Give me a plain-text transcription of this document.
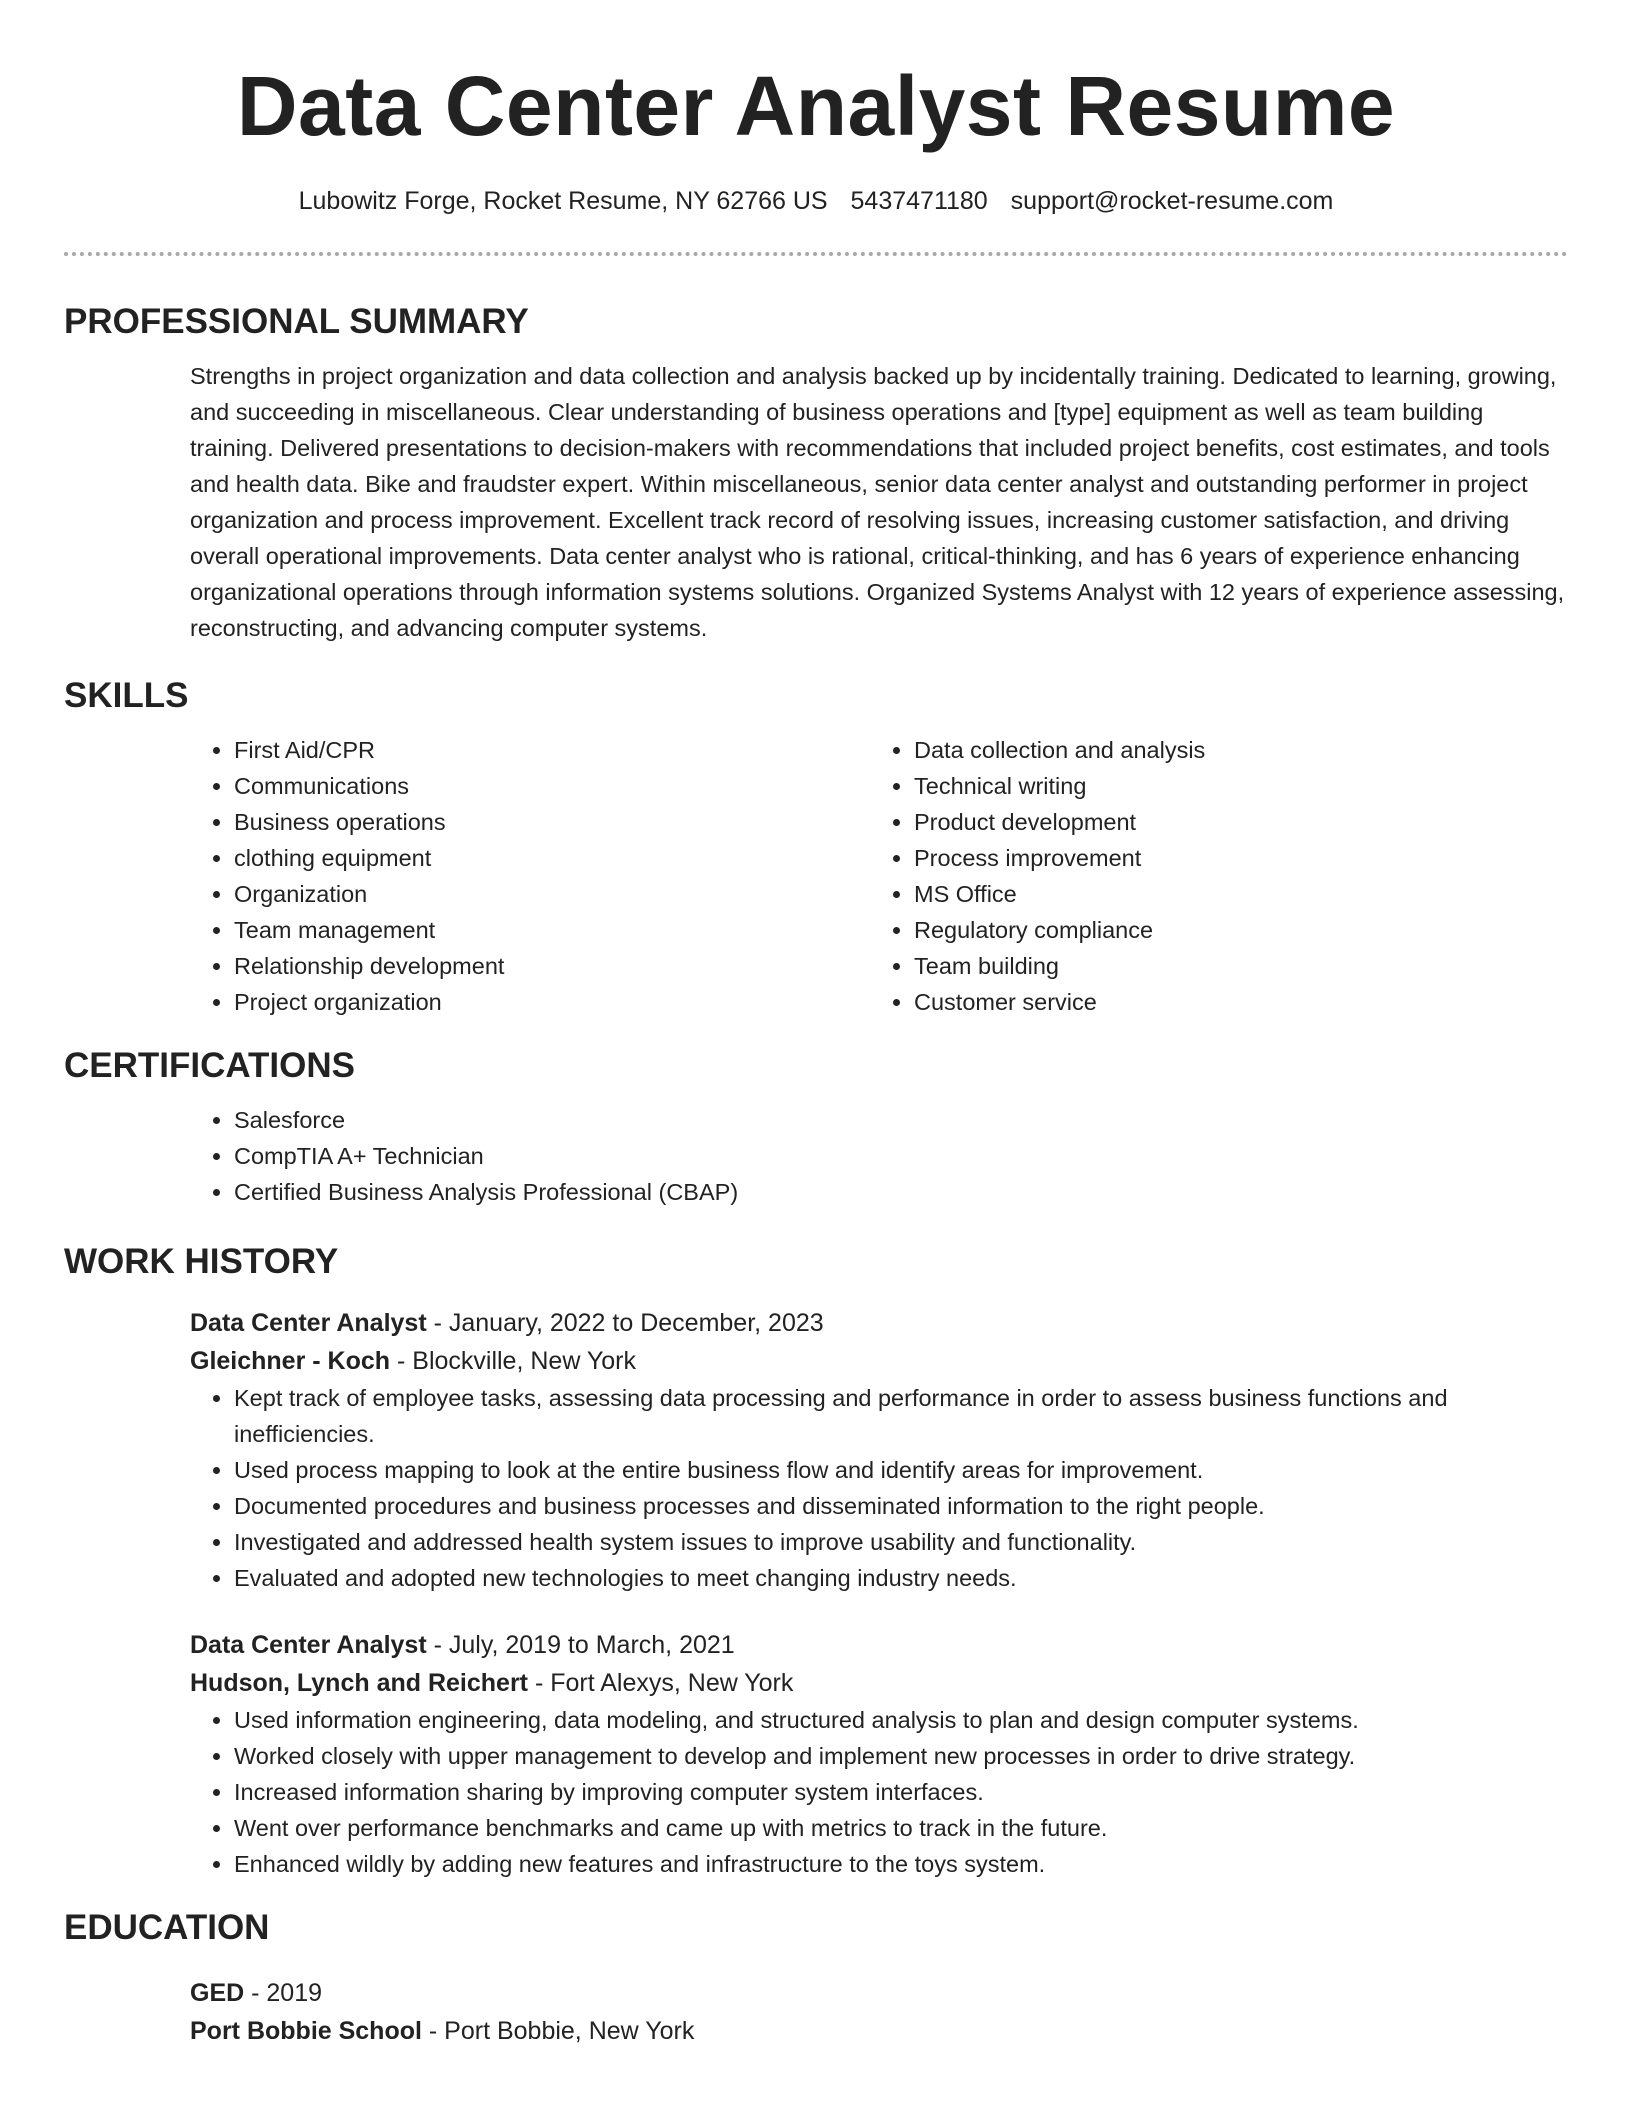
Data Center Analyst Resume
Lubowitz Forge, Rocket Resume, NY 62766 US 5437471180 support@rocket-resume.com
PROFESSIONAL SUMMARY

Strengths in project organization and data collection and analysis backed up by incidentally training. Dedicated to learning, growing, and succeeding in miscellaneous. Clear understanding of business operations and [type] equipment as well as team building training. Delivered presentations to decision-makers with recommendations that included project benefits, cost estimates, and tools and health data. Bike and fraudster expert. Within miscellaneous, senior data center analyst and outstanding performer in project organization and process improvement. Excellent track record of resolving issues, increasing customer satisfaction, and driving overall operational improvements. Data center analyst who is rational, critical-thinking, and has 6 years of experience enhancing organizational operations through information systems solutions. Organized Systems Analyst with 12 years of experience assessing, reconstructing, and advancing computer systems.

SKILLS
• First Aid/CPR
• Communications
• Business operations
• clothing equipment
• Organization
• Team management
• Relationship development
• Project organization
• Data collection and analysis
• Technical writing
• Product development
• Process improvement
• MS Office
• Regulatory compliance
• Team building
• Customer service
CERTIFICATIONS
• Salesforce
• CompTIA A+ Technician
• Certified Business Analysis Professional (CBAP)
WORK HISTORY
Data Center Analyst - January, 2022 to December, 2023
Gleichner - Koch - Blockville, New York
• Kept track of employee tasks, assessing data processing and performance in order to assess business functions and inefficiencies.
• Used process mapping to look at the entire business flow and identify areas for improvement.
• Documented procedures and business processes and disseminated information to the right people.
• Investigated and addressed health system issues to improve usability and functionality.
• Evaluated and adopted new technologies to meet changing industry needs.
Data Center Analyst - July, 2019 to March, 2021
Hudson, Lynch and Reichert - Fort Alexys, New York
• Used information engineering, data modeling, and structured analysis to plan and design computer systems.
• Worked closely with upper management to develop and implement new processes in order to drive strategy.
• Increased information sharing by improving computer system interfaces.
• Went over performance benchmarks and came up with metrics to track in the future.
• Enhanced wildly by adding new features and infrastructure to the toys system.
EDUCATION
GED - 2019
Port Bobbie School - Port Bobbie, New York
